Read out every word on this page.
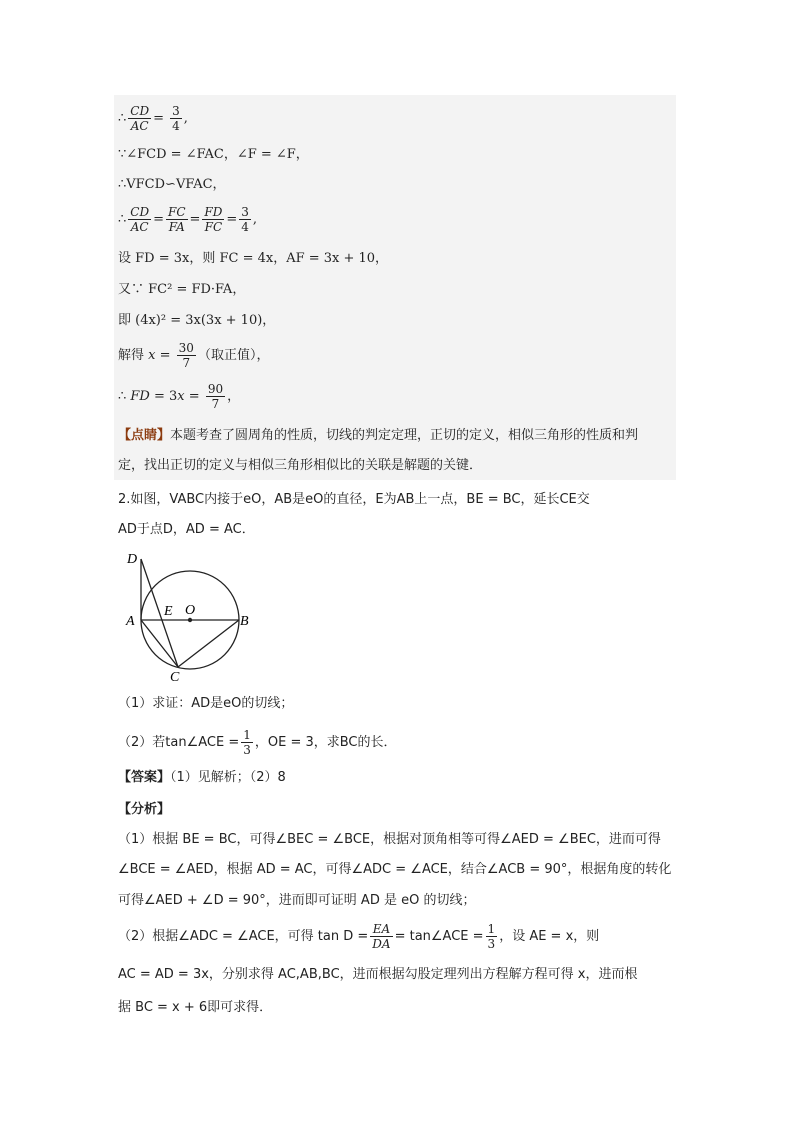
∴ $\frac{CD}{AC} = \frac{3}{4}$ ,
∵∠FCD = ∠FAC，∠F = ∠F，
∴VFCD∽VFAC，
∴ $\frac{CD}{AC} = \frac{FC}{FA} = \frac{FD}{FC} = \frac{3}{4}$ ,
设 FD = 3x，则 FC = 4x，AF = 3x + 10，
又∵ FC² = FD·FA，
即 (4x)² = 3x(3x + 10)，
解得 $x = \frac{30}{7}$ （取正值），
∴ FD = $3x = \frac{90}{7}$ ，
【点睛】本题考查了圆周角的性质，切线的判定定理，正切的定义，相似三角形的性质和判
定，找出正切的定义与相似三角形相似比的关联是解题的关键．
2.如图，VABC内接于eO，AB是eO的直径，E为AB上一点，BE = BC，延长CE交
AD于点D，AD = AC．
D
A
E O
B
C
（1）求证：AD是eO的切线；
（2）若tan∠ACE = $\frac{1}{3}$ ，OE = 3，求BC的长．
【答案】（1）见解析；（2）8
【分析】
（1）根据 BE = BC，可得∠BEC = ∠BCE，根据对顶角相等可得∠AED = ∠BEC，进而可得
∠BCE = ∠AED，根据 AD = AC，可得∠ADC = ∠ACE，结合∠ACB = 90°，根据角度的转化
可得∠AED + ∠D = 90°，进而即可证明 AD 是 eO 的切线；
（2）根据∠ADC = ∠ACE，可得 $\tan D = \frac{EA}{DA}$ = tan∠ACE = $\frac{1}{3}$ ，设 AE = x，则
AC = AD = 3x，分别求得 AC,AB,BC，进而根据勾股定理列出方程解方程可得 x，进而根
据 BC = x + 6即可求得．
